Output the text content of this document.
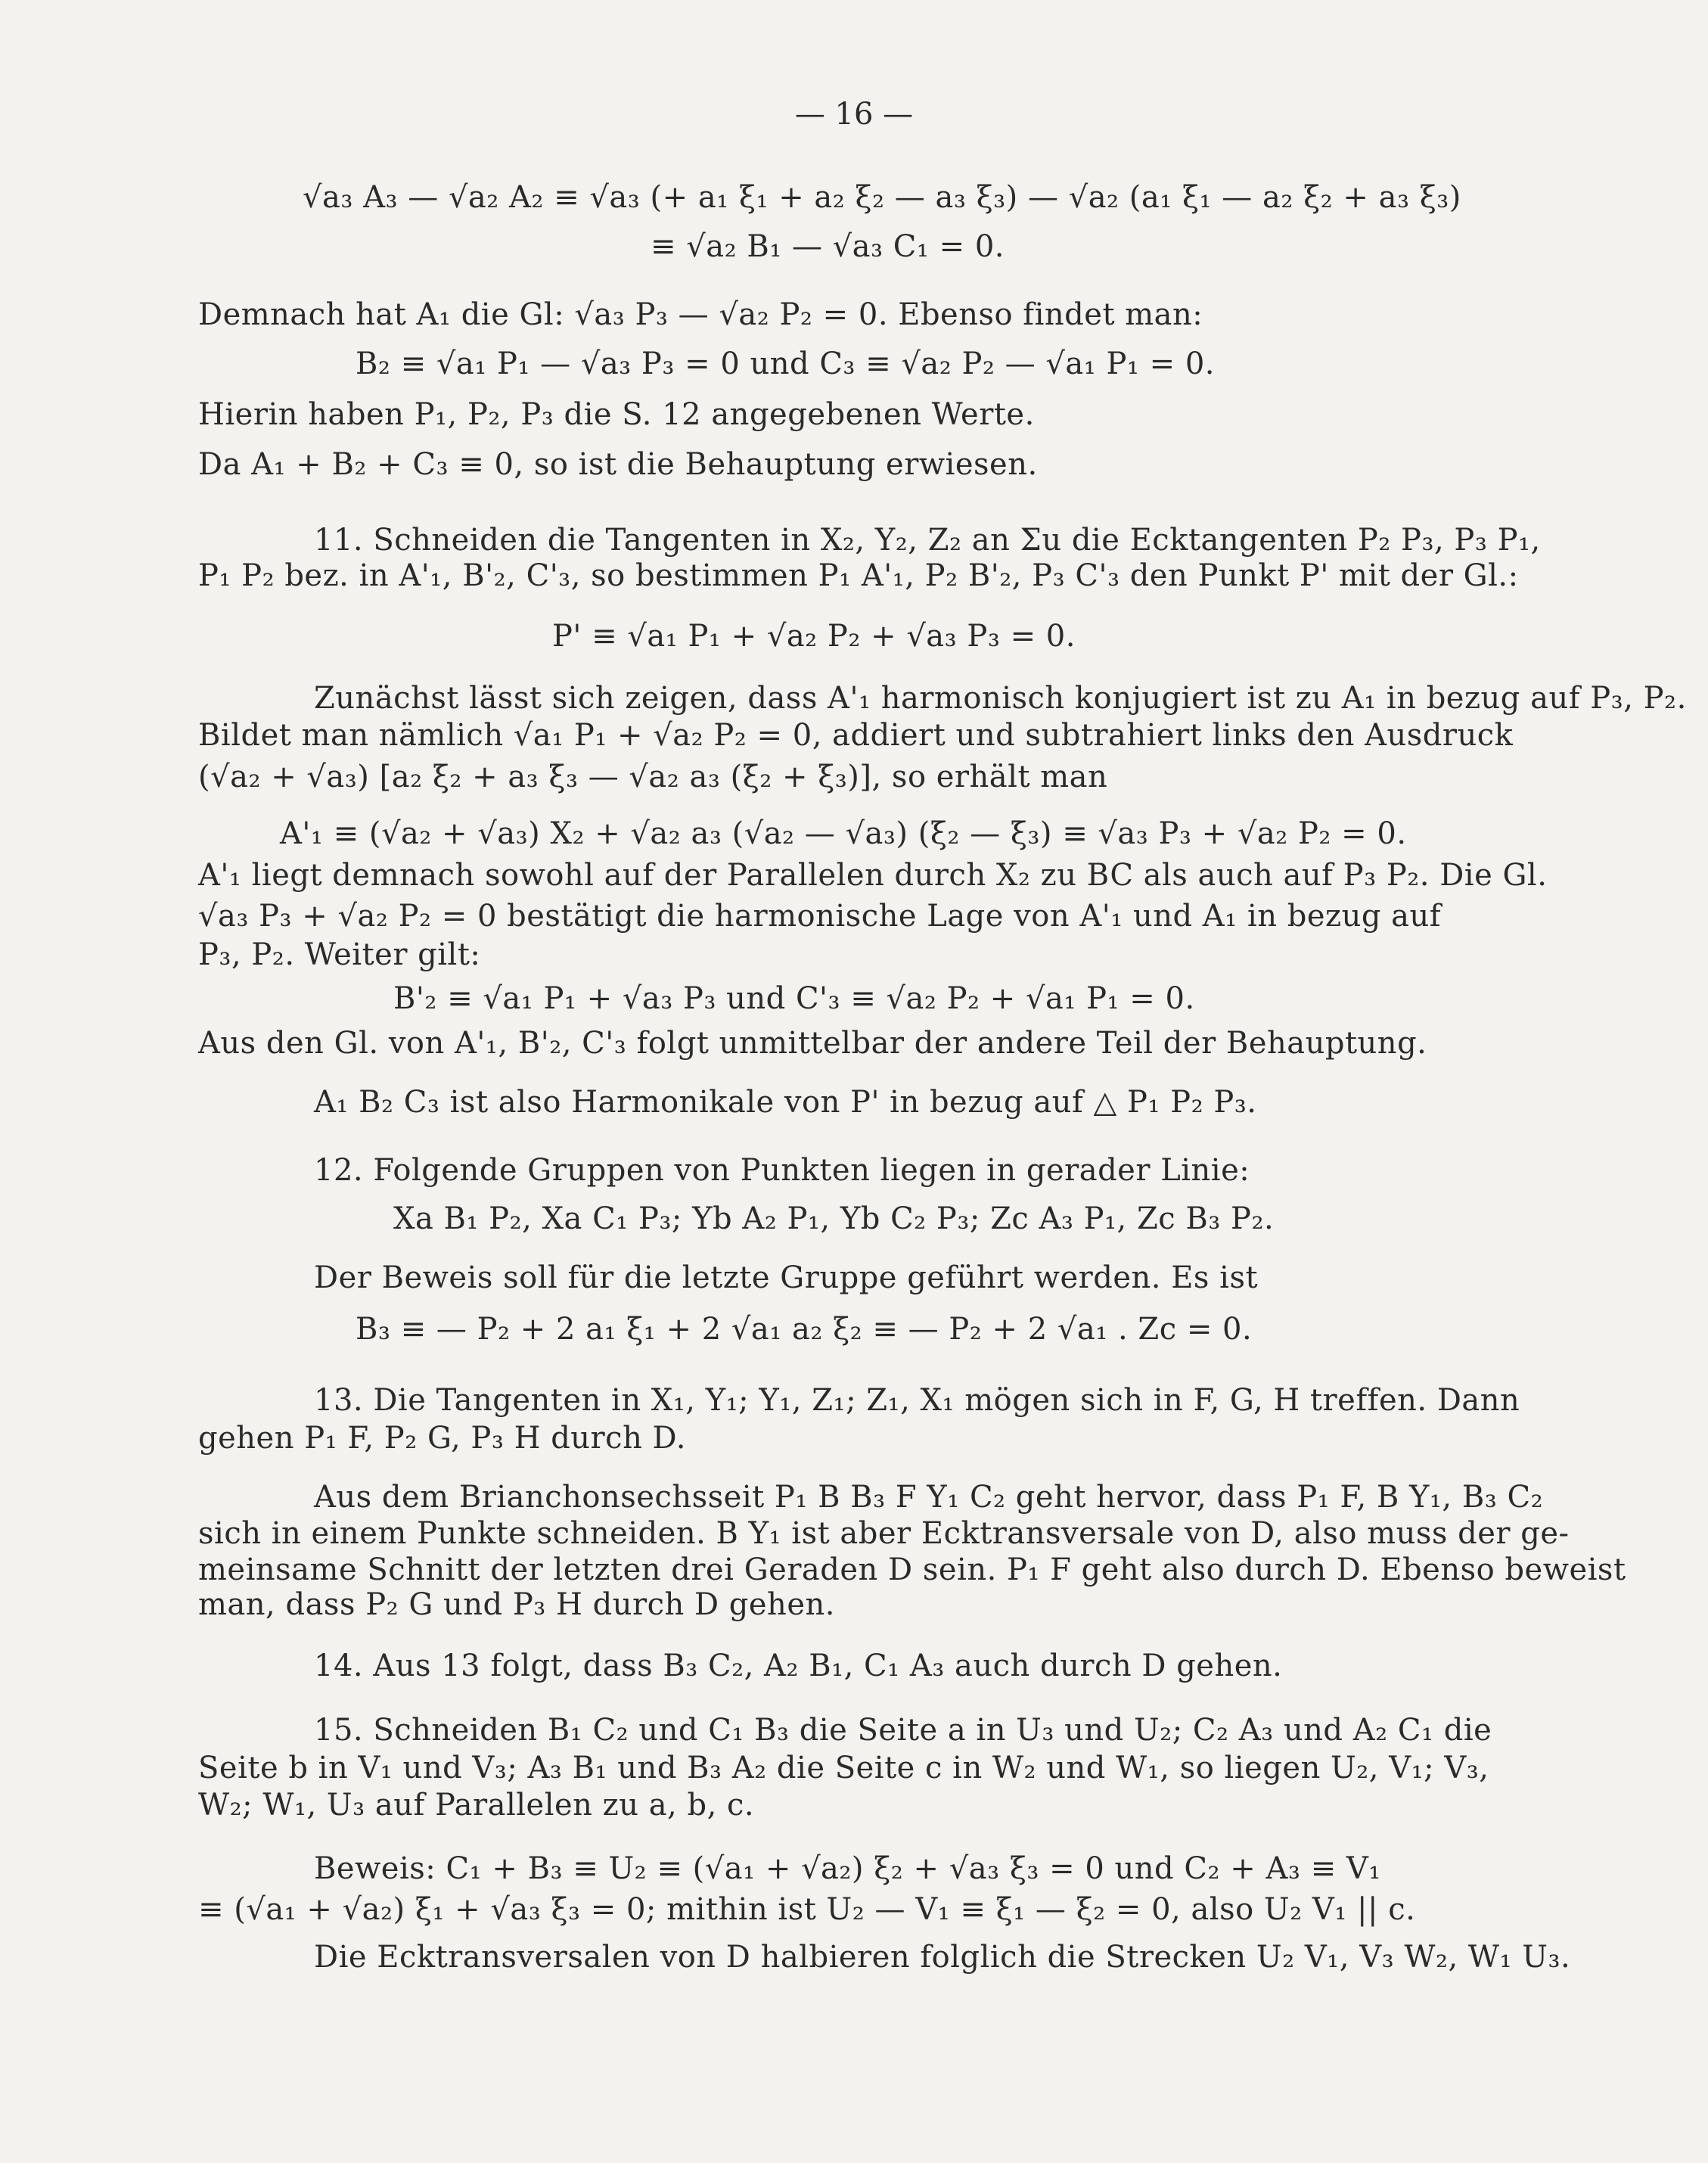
— 16 —
√a₃ A₃ — √a₂ A₂ ≡ √a₃ (+ a₁ ξ₁ + a₂ ξ₂ — a₃ ξ₃) — √a₂ (a₁ ξ₁ — a₂ ξ₂ + a₃ ξ₃)
≡ √a₂ B₁ — √a₃ C₁ = 0.
Demnach hat A₁ die Gl: √a₃ P₃ — √a₂ P₂ = 0. Ebenso findet man:
B₂ ≡ √a₁ P₁ — √a₃ P₃ = 0 und C₃ ≡ √a₂ P₂ — √a₁ P₁ = 0.
Hierin haben P₁, P₂, P₃ die S. 12 angegebenen Werte.
Da A₁ + B₂ + C₃ ≡ 0, so ist die Behauptung erwiesen.
11. Schneiden die Tangenten in X₂, Y₂, Z₂ an Σu die Ecktangenten P₂ P₃, P₃ P₁,
P₁ P₂ bez. in A'₁, B'₂, C'₃, so bestimmen P₁ A'₁, P₂ B'₂, P₃ C'₃ den Punkt P' mit der Gl.:
P' ≡ √a₁ P₁ + √a₂ P₂ + √a₃ P₃ = 0.
Zunächst lässt sich zeigen, dass A'₁ harmonisch konjugiert ist zu A₁ in bezug auf P₃, P₂.
Bildet man nämlich √a₁ P₁ + √a₂ P₂ = 0, addiert und subtrahiert links den Ausdruck
(√a₂ + √a₃) [a₂ ξ₂ + a₃ ξ₃ — √a₂ a₃ (ξ₂ + ξ₃)], so erhält man
A'₁ ≡ (√a₂ + √a₃) X₂ + √a₂ a₃ (√a₂ — √a₃) (ξ₂ — ξ₃) ≡ √a₃ P₃ + √a₂ P₂ = 0.
A'₁ liegt demnach sowohl auf der Parallelen durch X₂ zu BC als auch auf P₃ P₂. Die Gl.
√a₃ P₃ + √a₂ P₂ = 0 bestätigt die harmonische Lage von A'₁ und A₁ in bezug auf
P₃, P₂. Weiter gilt:
B'₂ ≡ √a₁ P₁ + √a₃ P₃ und C'₃ ≡ √a₂ P₂ + √a₁ P₁ = 0.
Aus den Gl. von A'₁, B'₂, C'₃ folgt unmittelbar der andere Teil der Behauptung.
A₁ B₂ C₃ ist also Harmonikale von P' in bezug auf △ P₁ P₂ P₃.
12. Folgende Gruppen von Punkten liegen in gerader Linie:
Xa B₁ P₂, Xa C₁ P₃; Yb A₂ P₁, Yb C₂ P₃; Zc A₃ P₁, Zc B₃ P₂.
Der Beweis soll für die letzte Gruppe geführt werden. Es ist
B₃ ≡ — P₂ + 2 a₁ ξ₁ + 2 √a₁ a₂ ξ₂ ≡ — P₂ + 2 √a₁ . Zc = 0.
13. Die Tangenten in X₁, Y₁; Y₁, Z₁; Z₁, X₁ mögen sich in F, G, H treffen. Dann
gehen P₁ F, P₂ G, P₃ H durch D.
Aus dem Brianchonsechsseit P₁ B B₃ F Y₁ C₂ geht hervor, dass P₁ F, B Y₁, B₃ C₂
sich in einem Punkte schneiden. B Y₁ ist aber Ecktransversale von D, also muss der ge-
meinsame Schnitt der letzten drei Geraden D sein. P₁ F geht also durch D. Ebenso beweist
man, dass P₂ G und P₃ H durch D gehen.
14. Aus 13 folgt, dass B₃ C₂, A₂ B₁, C₁ A₃ auch durch D gehen.
15. Schneiden B₁ C₂ und C₁ B₃ die Seite a in U₃ und U₂; C₂ A₃ und A₂ C₁ die
Seite b in V₁ und V₃; A₃ B₁ und B₃ A₂ die Seite c in W₂ und W₁, so liegen U₂, V₁; V₃,
W₂; W₁, U₃ auf Parallelen zu a, b, c.
Beweis: C₁ + B₃ ≡ U₂ ≡ (√a₁ + √a₂) ξ₂ + √a₃ ξ₃ = 0 und C₂ + A₃ ≡ V₁
≡ (√a₁ + √a₂) ξ₁ + √a₃ ξ₃ = 0; mithin ist U₂ — V₁ ≡ ξ₁ — ξ₂ = 0, also U₂ V₁ || c.
Die Ecktransversalen von D halbieren folglich die Strecken U₂ V₁, V₃ W₂, W₁ U₃.
